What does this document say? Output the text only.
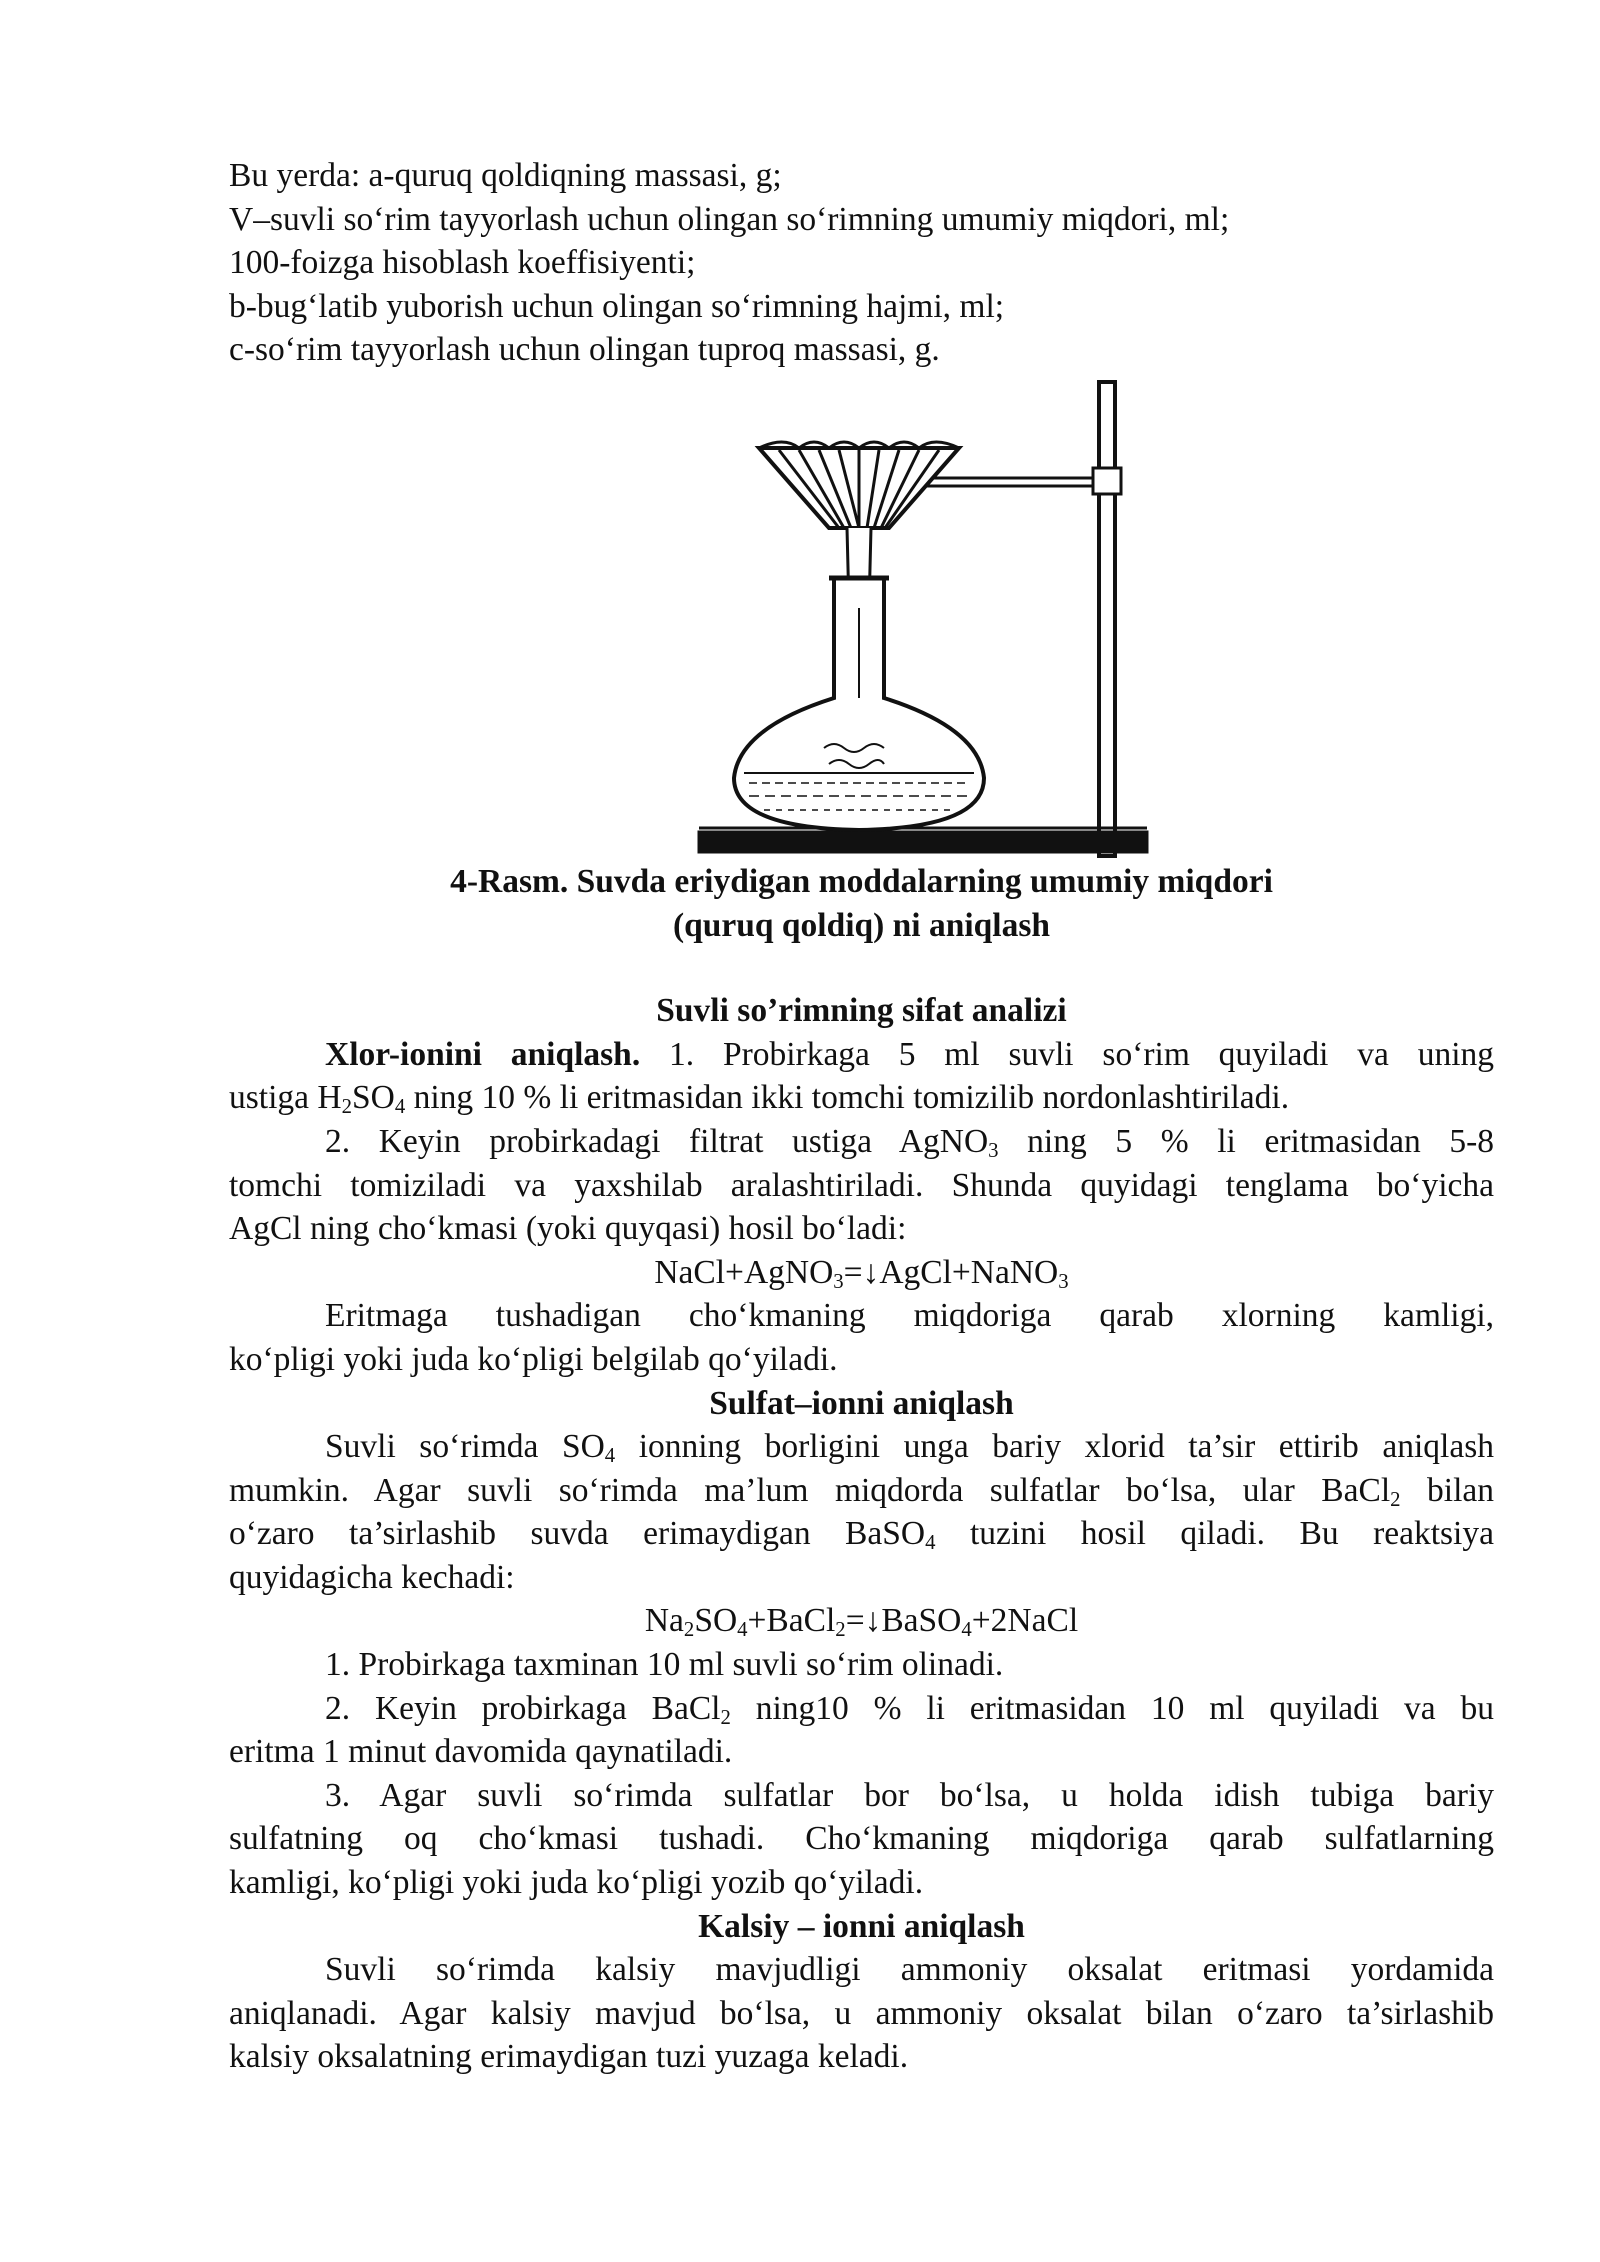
Bu yerda: a-quruq qoldiqning massasi, g;
V–suvli so‘rim tayyorlash uchun olingan so‘rimning umumiy miqdori, ml;
100-foizga hisoblash koeffisiyenti;
b-bug‘latib yuborish uchun olingan so‘rimning hajmi, ml;
c-so‘rim tayyorlash uchun olingan tuproq massasi, g.
4-Rasm. Suvda eriydigan moddalarning umumiy miqdori
(quruq qoldiq) ni aniqlash
Suvli so’rimning sifat analizi
Xlor-ionini aniqlash. 1. Probirkaga 5 ml suvli so‘rim quyiladi va uning
ustiga $H_2SO_4$ ning 10 % li eritmasidan ikki tomchi tomizilib nordonlashtiriladi.
2. Keyin probirkadagi filtrat ustiga AgNO$_3$ ning 5 % li eritmasidan 5-8
tomchi tomiziladi va yaxshilab aralashtiriladi. Shunda quyidagi tenglama bo‘yicha
AgCl ning cho‘kmasi (yoki quyqasi) hosil bo‘ladi:
NaCl+AgNO$_3$=↓AgCl+NaNO$_3$
Eritmaga tushadigan cho‘kmaning miqdoriga qarab xlorning kamligi,
ko‘pligi yoki juda ko‘pligi belgilab qo‘yiladi.
Sulfat–ionni aniqlash
Suvli so‘rimda $SO_4$ ionning borligini unga bariy xlorid ta’sir ettirib aniqlash
mumkin. Agar suvli so‘rimda ma’lum miqdorda sulfatlar bo‘lsa, ular BaCl$_2$ bilan
o‘zaro ta’sirlashib suvda erimaydigan BaSO$_4$ tuzini hosil qiladi. Bu reaktsiya
quyidagicha kechadi:
$Na_2SO_4+BaCl_2=↓BaSO_4+2NaCl$
1. Probirkaga taxminan 10 ml suvli so‘rim olinadi.
2. Keyin probirkaga BaCl$_2$ ning10 % li eritmasidan 10 ml quyiladi va bu
eritma 1 minut davomida qaynatiladi.
3. Agar suvli so‘rimda sulfatlar bor bo‘lsa, u holda idish tubiga bariy
sulfatning oq cho‘kmasi tushadi. Cho‘kmaning miqdoriga qarab sulfatlarning
kamligi, ko‘pligi yoki juda ko‘pligi yozib qo‘yiladi.
Kalsiy – ionni aniqlash
Suvli so‘rimda kalsiy mavjudligi ammoniy oksalat eritmasi yordamida
aniqlanadi. Agar kalsiy mavjud bo‘lsa, u ammoniy oksalat bilan o‘zaro ta’sirlashib
kalsiy oksalatning erimaydigan tuzi yuzaga keladi.
